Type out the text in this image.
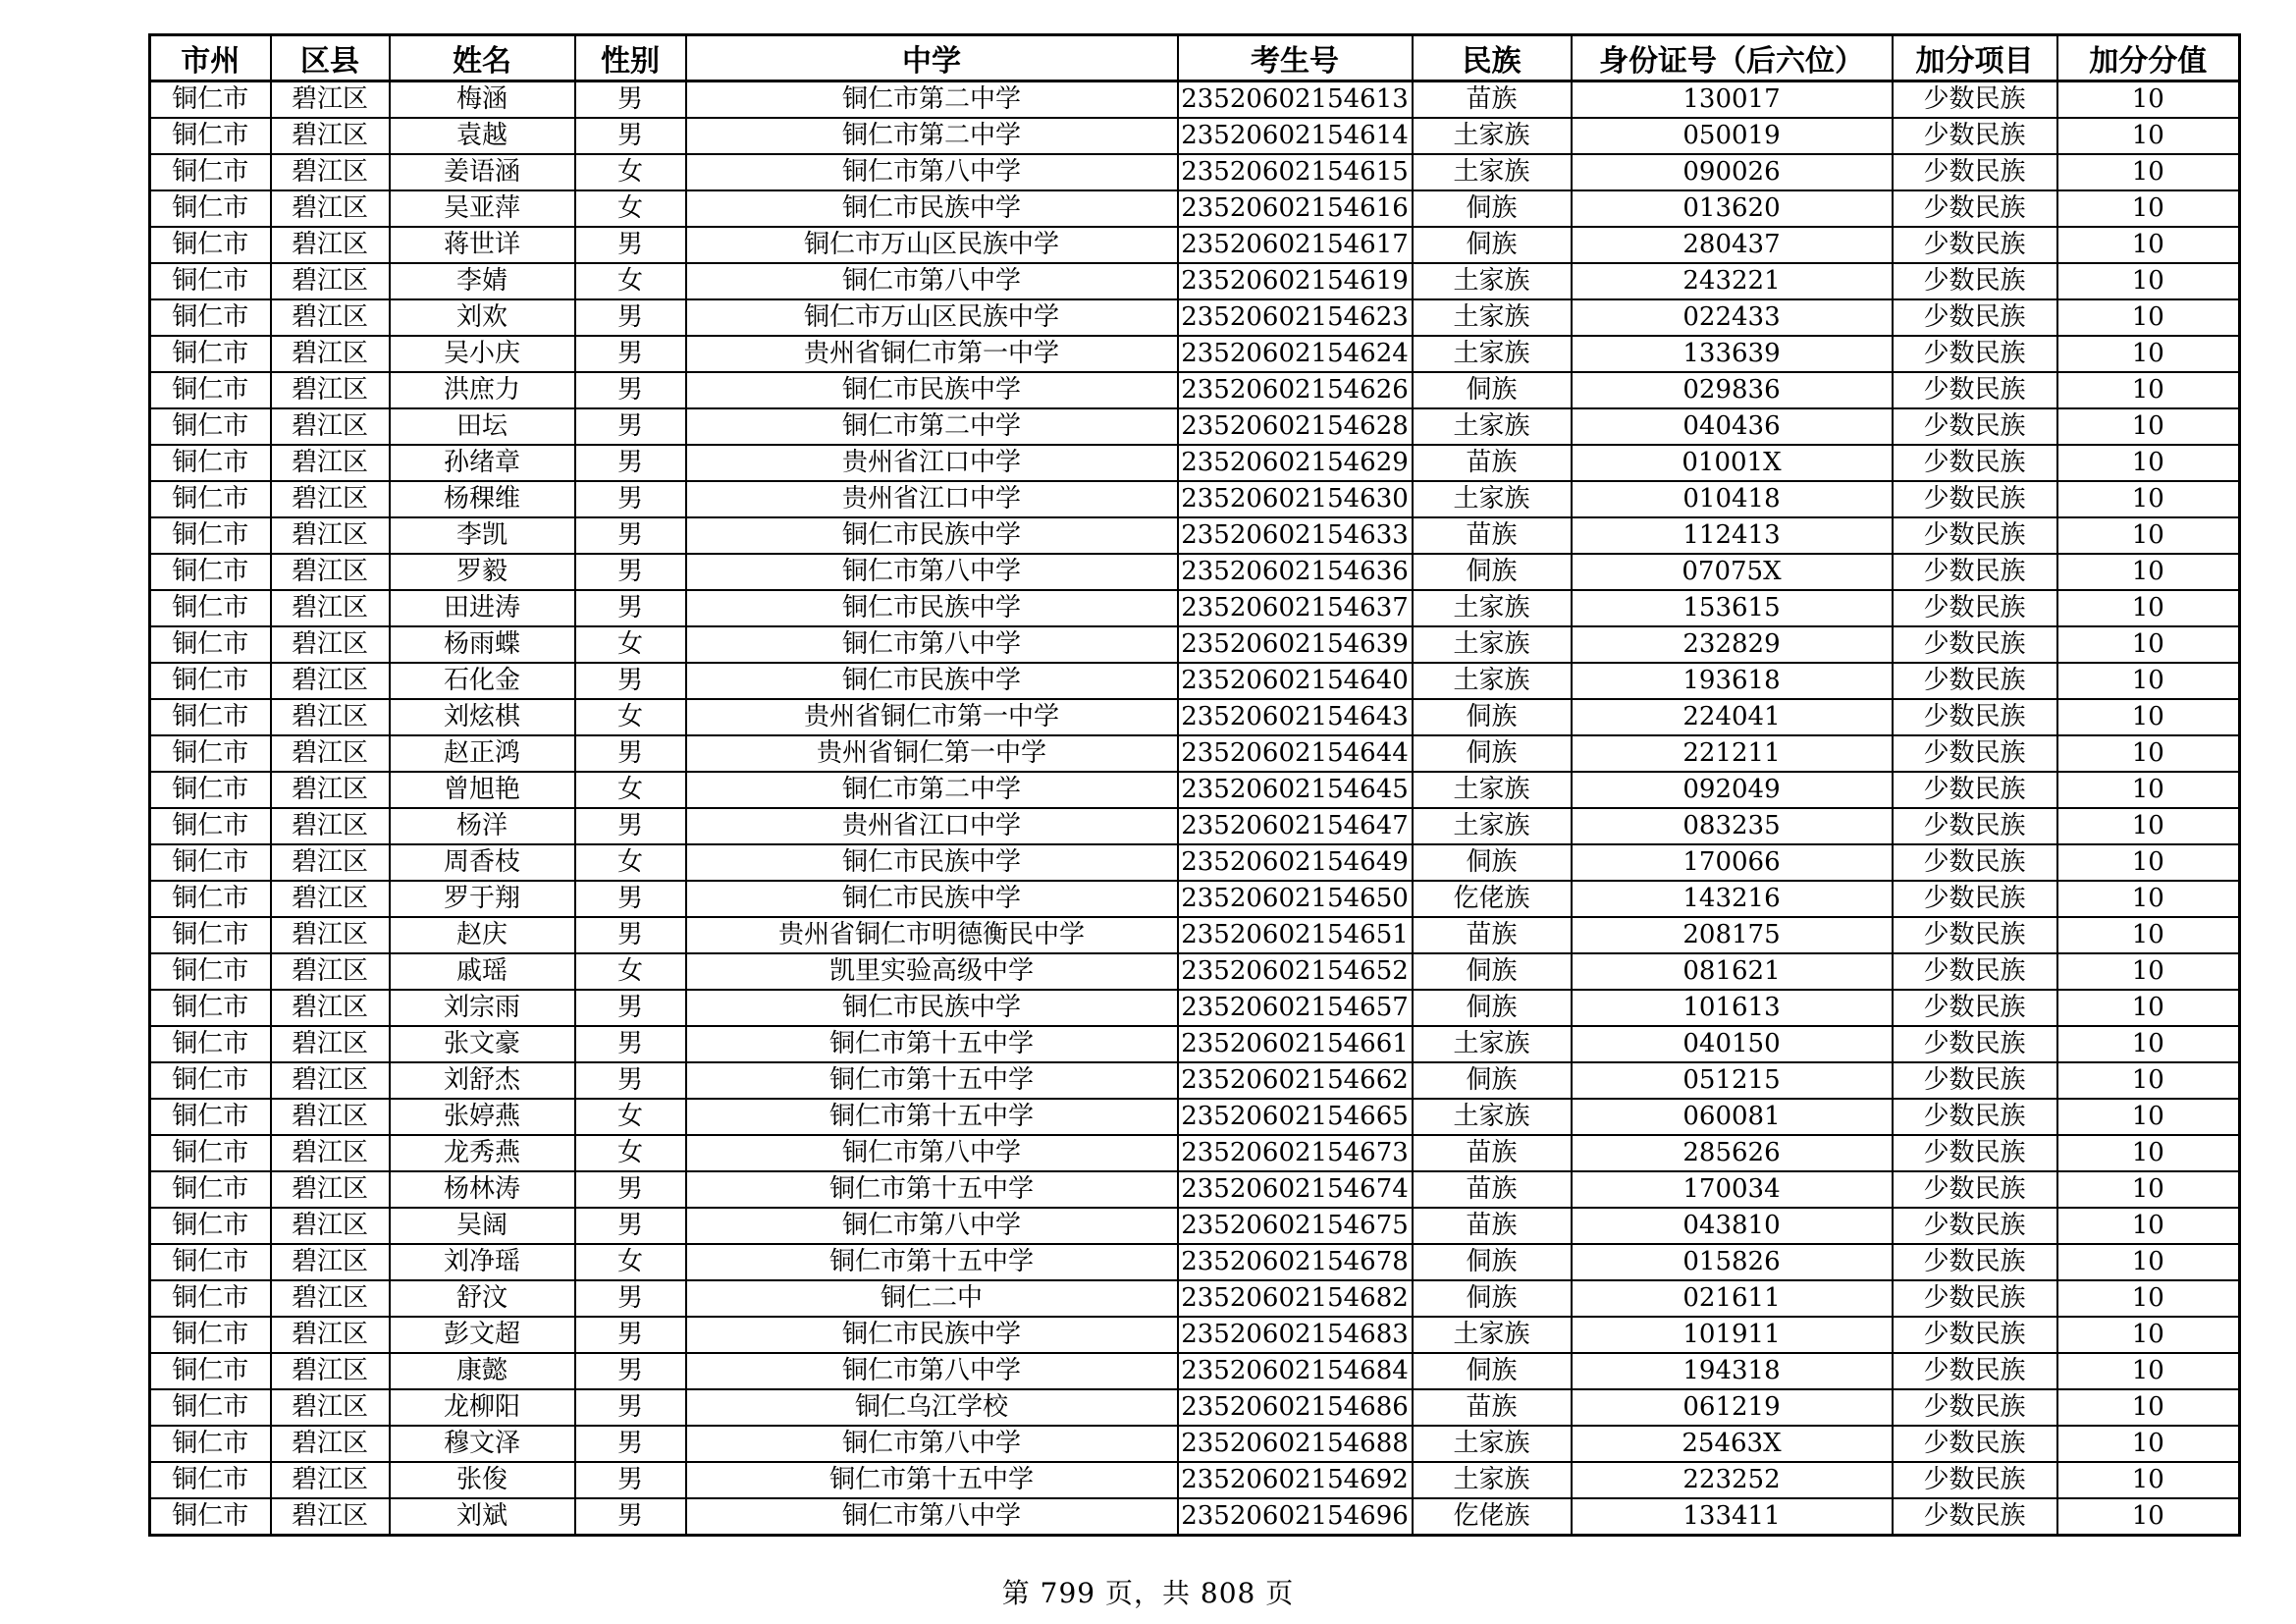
市州	区县	姓名	性别	中学	考生号	民族	身份证号（后六位）	加分项目	加分分值
铜仁市	碧江区	梅涵	男	铜仁市第二中学	23520602154613	苗族	130017	少数民族	10
铜仁市	碧江区	袁越	男	铜仁市第二中学	23520602154614	土家族	050019	少数民族	10
铜仁市	碧江区	姜语涵	女	铜仁市第八中学	23520602154615	土家族	090026	少数民族	10
铜仁市	碧江区	吴亚萍	女	铜仁市民族中学	23520602154616	侗族	013620	少数民族	10
铜仁市	碧江区	蒋世详	男	铜仁市万山区民族中学	23520602154617	侗族	280437	少数民族	10
铜仁市	碧江区	李婧	女	铜仁市第八中学	23520602154619	土家族	243221	少数民族	10
铜仁市	碧江区	刘欢	男	铜仁市万山区民族中学	23520602154623	土家族	022433	少数民族	10
铜仁市	碧江区	吴小庆	男	贵州省铜仁市第一中学	23520602154624	土家族	133639	少数民族	10
铜仁市	碧江区	洪庶力	男	铜仁市民族中学	23520602154626	侗族	029836	少数民族	10
铜仁市	碧江区	田坛	男	铜仁市第二中学	23520602154628	土家族	040436	少数民族	10
铜仁市	碧江区	孙绪章	男	贵州省江口中学	23520602154629	苗族	01001X	少数民族	10
铜仁市	碧江区	杨稞维	男	贵州省江口中学	23520602154630	土家族	010418	少数民族	10
铜仁市	碧江区	李凯	男	铜仁市民族中学	23520602154633	苗族	112413	少数民族	10
铜仁市	碧江区	罗毅	男	铜仁市第八中学	23520602154636	侗族	07075X	少数民族	10
铜仁市	碧江区	田进涛	男	铜仁市民族中学	23520602154637	土家族	153615	少数民族	10
铜仁市	碧江区	杨雨蝶	女	铜仁市第八中学	23520602154639	土家族	232829	少数民族	10
铜仁市	碧江区	石化金	男	铜仁市民族中学	23520602154640	土家族	193618	少数民族	10
铜仁市	碧江区	刘炫棋	女	贵州省铜仁市第一中学	23520602154643	侗族	224041	少数民族	10
铜仁市	碧江区	赵正鸿	男	贵州省铜仁第一中学	23520602154644	侗族	221211	少数民族	10
铜仁市	碧江区	曾旭艳	女	铜仁市第二中学	23520602154645	土家族	092049	少数民族	10
铜仁市	碧江区	杨洋	男	贵州省江口中学	23520602154647	土家族	083235	少数民族	10
铜仁市	碧江区	周香枝	女	铜仁市民族中学	23520602154649	侗族	170066	少数民族	10
铜仁市	碧江区	罗于翔	男	铜仁市民族中学	23520602154650	仡佬族	143216	少数民族	10
铜仁市	碧江区	赵庆	男	贵州省铜仁市明德衡民中学	23520602154651	苗族	208175	少数民族	10
铜仁市	碧江区	戚瑶	女	凯里实验高级中学	23520602154652	侗族	081621	少数民族	10
铜仁市	碧江区	刘宗雨	男	铜仁市民族中学	23520602154657	侗族	101613	少数民族	10
铜仁市	碧江区	张文豪	男	铜仁市第十五中学	23520602154661	土家族	040150	少数民族	10
铜仁市	碧江区	刘舒杰	男	铜仁市第十五中学	23520602154662	侗族	051215	少数民族	10
铜仁市	碧江区	张婷燕	女	铜仁市第十五中学	23520602154665	土家族	060081	少数民族	10
铜仁市	碧江区	龙秀燕	女	铜仁市第八中学	23520602154673	苗族	285626	少数民族	10
铜仁市	碧江区	杨林涛	男	铜仁市第十五中学	23520602154674	苗族	170034	少数民族	10
铜仁市	碧江区	吴阔	男	铜仁市第八中学	23520602154675	苗族	043810	少数民族	10
铜仁市	碧江区	刘净瑶	女	铜仁市第十五中学	23520602154678	侗族	015826	少数民族	10
铜仁市	碧江区	舒汶	男	铜仁二中	23520602154682	侗族	021611	少数民族	10
铜仁市	碧江区	彭文超	男	铜仁市民族中学	23520602154683	土家族	101911	少数民族	10
铜仁市	碧江区	康懿	男	铜仁市第八中学	23520602154684	侗族	194318	少数民族	10
铜仁市	碧江区	龙柳阳	男	铜仁乌江学校	23520602154686	苗族	061219	少数民族	10
铜仁市	碧江区	穆文泽	男	铜仁市第八中学	23520602154688	土家族	25463X	少数民族	10
铜仁市	碧江区	张俊	男	铜仁市第十五中学	23520602154692	土家族	223252	少数民族	10
铜仁市	碧江区	刘斌	男	铜仁市第八中学	23520602154696	仡佬族	133411	少数民族	10
第 799 页，共 808 页
